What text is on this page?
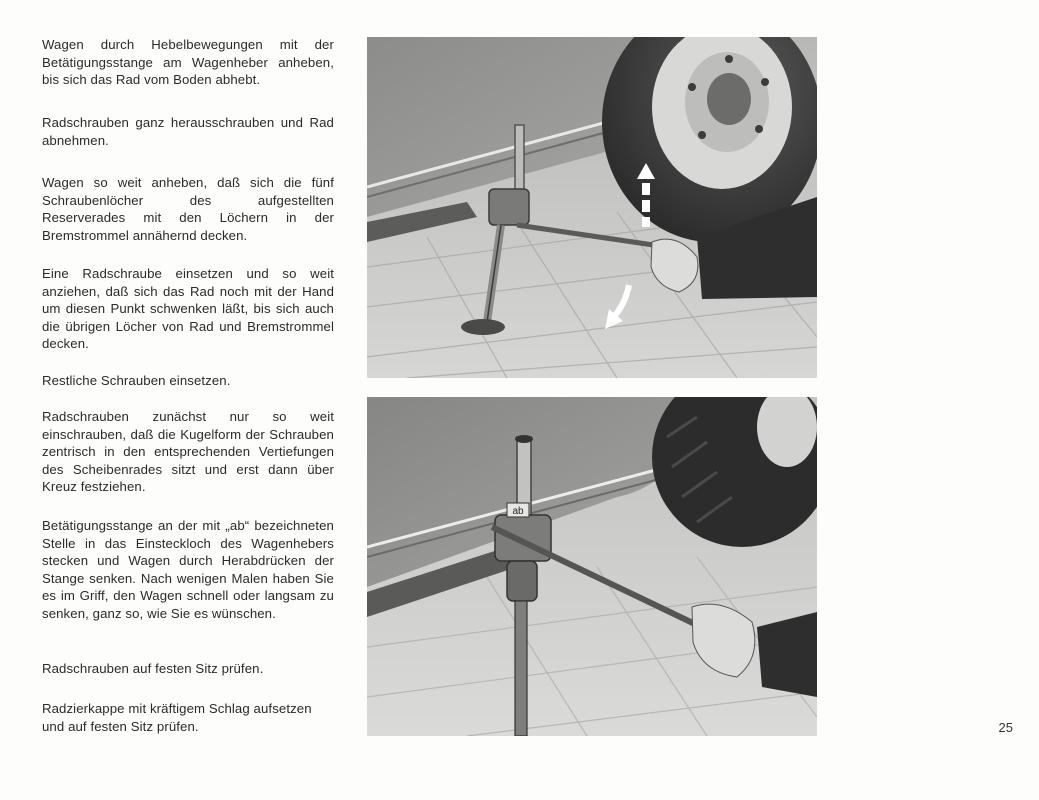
Wagen durch Hebelbewegungen mit der Betätigungsstange am Wagenheber anheben, bis sich das Rad vom Boden abhebt.

Radschrauben ganz herausschrauben und Rad abnehmen.

Wagen so weit anheben, daß sich die fünf Schraubenlöcher des aufgestellten Reserverades mit den Löchern in der Bremstrommel annähernd decken.

Eine Radschraube einsetzen und so weit anziehen, daß sich das Rad noch mit der Hand um diesen Punkt schwenken läßt, bis sich auch die übrigen Löcher von Rad und Bremstrommel decken.

Restliche Schrauben einsetzen.

Radschrauben zunächst nur so weit einschrauben, daß die Kugelform der Schrauben zentrisch in den entsprechenden Vertiefungen des Scheibenrades sitzt und erst dann über Kreuz festziehen.

Betätigungsstange an der mit „ab“ bezeichneten Stelle in das Einsteckloch des Wagenhebers stecken und Wagen durch Herabdrücken der Stange senken. Nach wenigen Malen haben Sie es im Griff, den Wagen schnell oder langsam zu senken, ganz so, wie Sie es wünschen.

Radschrauben auf festen Sitz prüfen.

Radzierkappe mit kräftigem Schlag aufsetzen und auf festen Sitz prüfen.

ab
25
